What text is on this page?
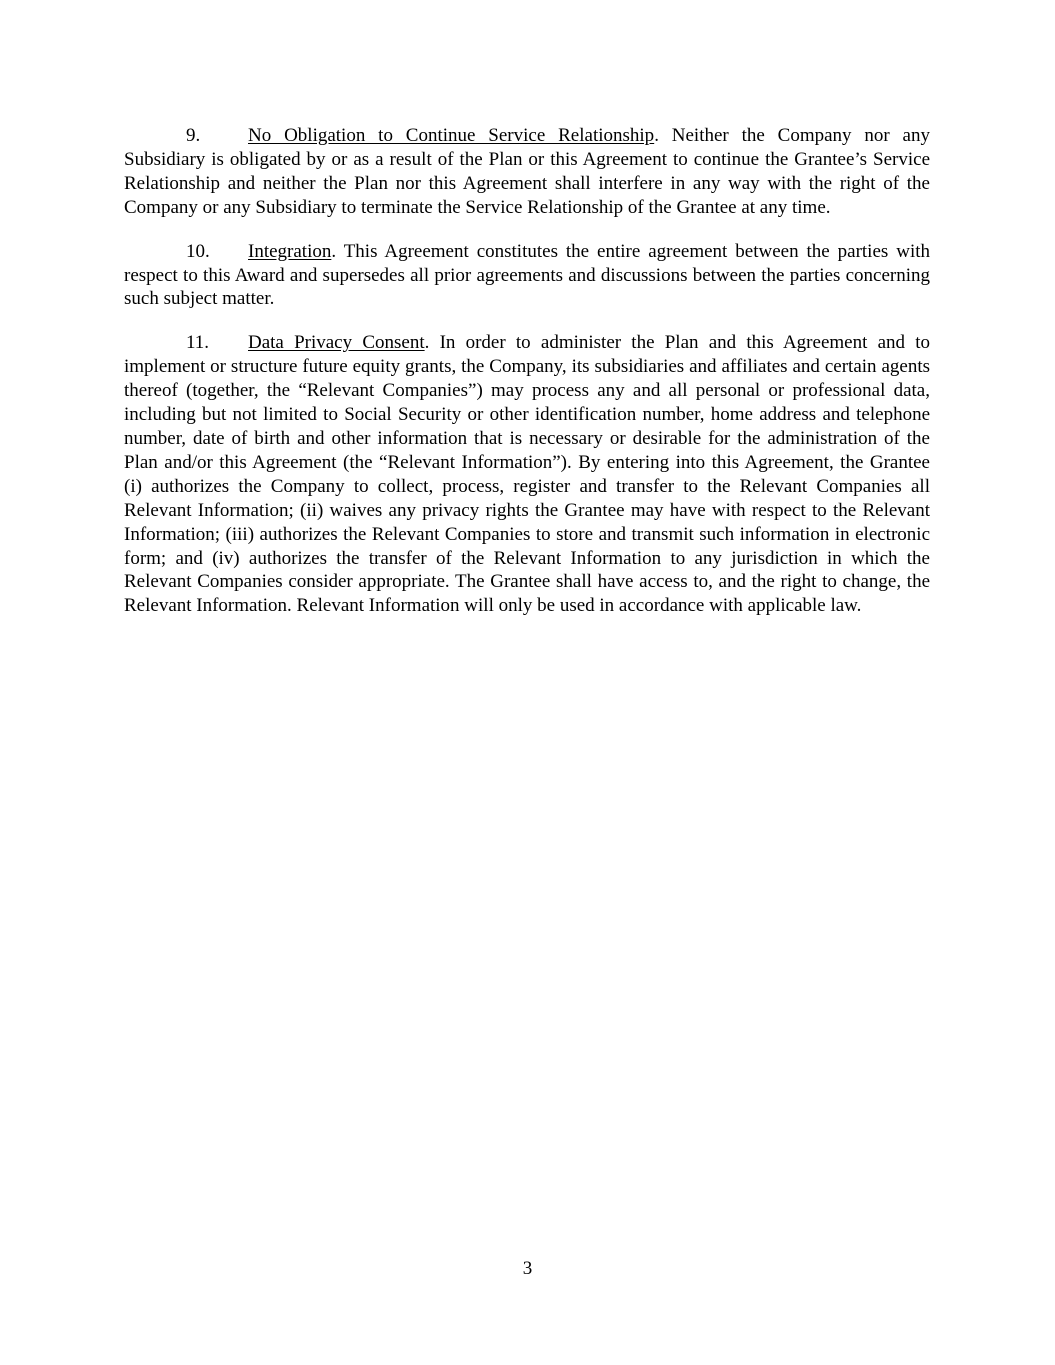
9.	No Obligation to Continue Service Relationship. Neither the Company nor any Subsidiary is obligated by or as a result of the Plan or this Agreement to continue the Grantee’s Service Relationship and neither the Plan nor this Agreement shall interfere in any way with the right of the Company or any Subsidiary to terminate the Service Relationship of the Grantee at any time.

10. Integration. This Agreement constitutes the entire agreement between the parties with respect to this Award and supersedes all prior agreements and discussions between the parties concerning such subject matter.

11. Data Privacy Consent. In order to administer the Plan and this Agreement and to implement or structure future equity grants, the Company, its subsidiaries and affiliates and certain agents thereof (together, the “Relevant Companies”) may process any and all personal or professional data, including but not limited to Social Security or other identification number, home address and telephone number, date of birth and other information that is necessary or desirable for the administration of the Plan and/or this Agreement (the “Relevant Information”). By entering into this Agreement, the Grantee (i) authorizes the Company to collect, process, register and transfer to the Relevant Companies all Relevant Information; (ii) waives any privacy rights the Grantee may have with respect to the Relevant Information; (iii) authorizes the Relevant Companies to store and transmit such information in electronic form; and (iv) authorizes the transfer of the Relevant Information to any jurisdiction in which the Relevant Companies consider appropriate. The Grantee shall have access to, and the right to change, the Relevant Information. Relevant Information will only be used in accordance with applicable law.

3
